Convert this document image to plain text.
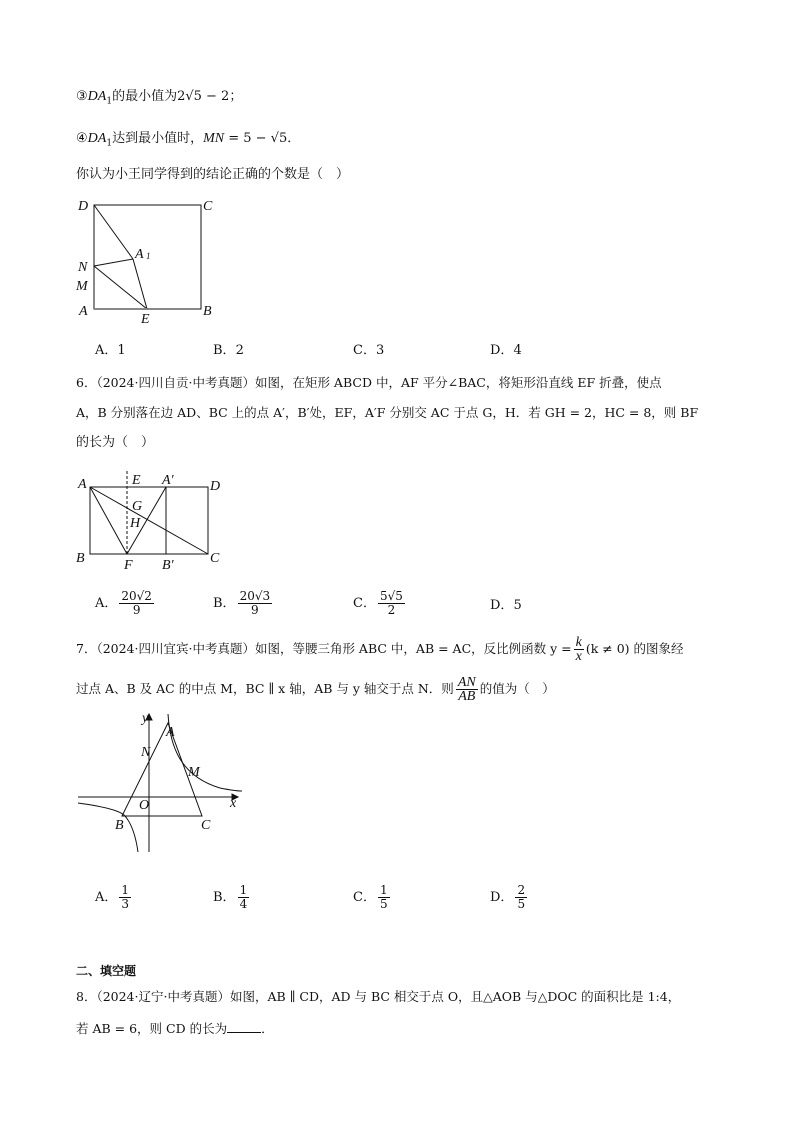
$③DA_1$的最小值为2√5 − 2；
$④DA_1$达到最小值时，MN = 5 − √5．
你认为小王同学得到的结论正确的个数是（　）
D	C
A 1
N
M
A
E
B
A．1	B．2	C．3	D．4
6．（2024·四川自贡·中考真题）如图，在矩形 ABCD 中，AF 平分∠BAC，将矩形沿直线 EF 折叠，使点
A，B 分别落在边 AD、BC 上的点 A′，B′处，EF，A′F 分别交 AC 于点 G，H．若 GH = 2，HC = 8，则 BF
的长为（　）
A	E A′	D
G
H
B	F B′	C
A． $\frac{20√2}{9}$	B． $\frac{20√3}{9}$	C． $\frac{5√5}{2}$	D．5
7．（2024·四川宜宾·中考真题）如图，等腰三角形 ABC 中，AB = AC，反比例函数 $y = \frac{k}{x} (k \ne 0)$ 的图象经
过点 A、B 及 AC 的中点 M，BC ∥ x 轴，AB 与 y 轴交于点 N．则 $\frac{AN}{AB}$ 的值为（　）
y
x
A
N
M
O
B	C
A． $\frac{1}{3}$	B． $\frac{1}{4}$	C． $\frac{1}{5}$	D． $\frac{2}{5}$
二、填空题
8．（2024·辽宁·中考真题）如图，AB ∥ CD，AD 与 BC 相交于点 O，且△AOB 与△DOC 的面积比是 1:4，
若 AB = 6，则 CD 的长为	．
